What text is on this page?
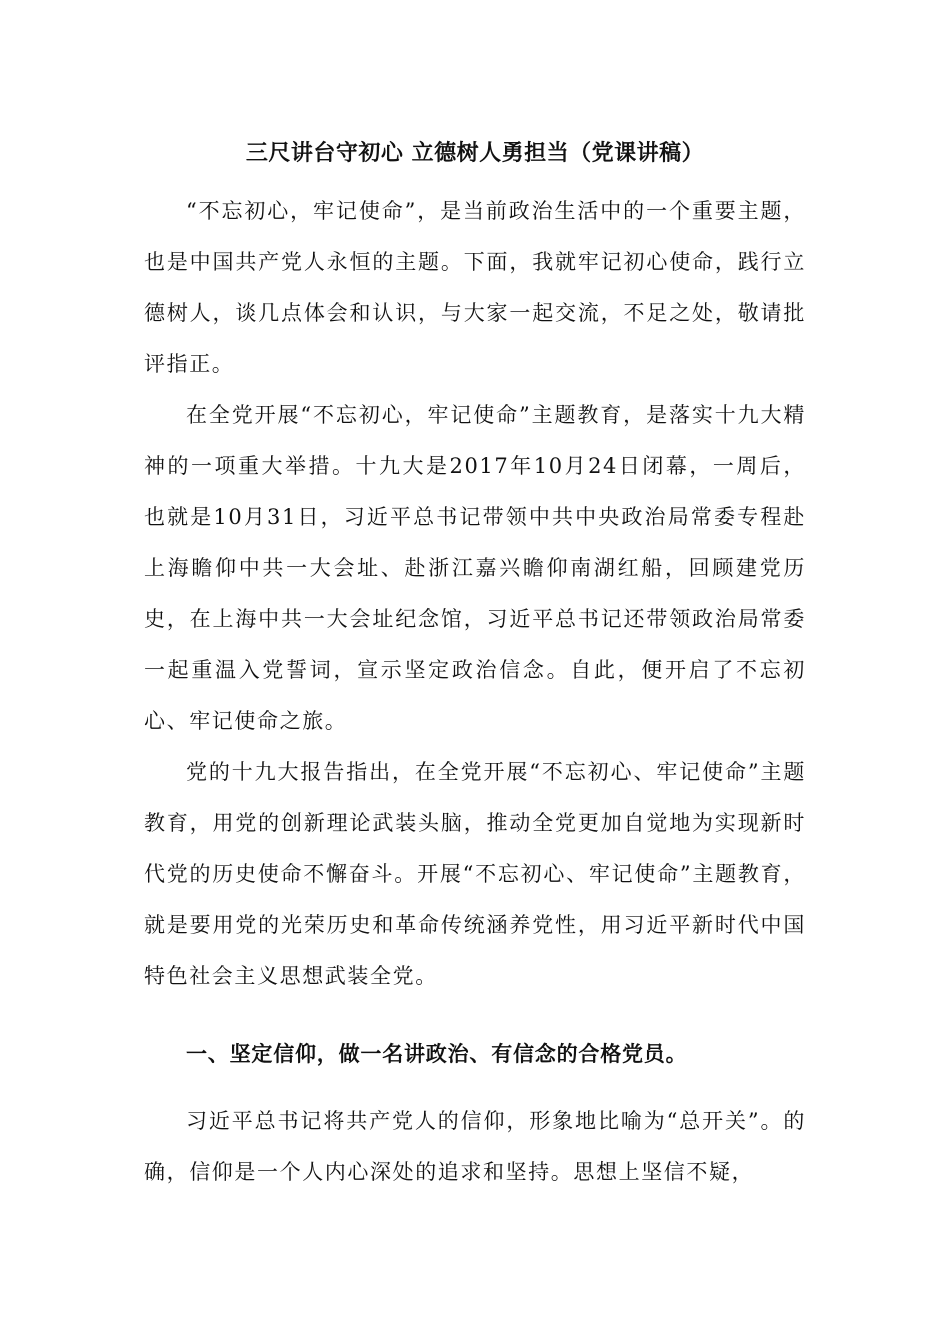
三尺讲台守初心 立德树人勇担当（党课讲稿）

“不忘初心，牢记使命”，是当前政治生活中的一个重要主题，也是中国共产党人永恒的主题。下面，我就牢记初心使命，践行立德树人，谈几点体会和认识，与大家一起交流，不足之处，敬请批评指正。

在全党开展“不忘初心，牢记使命”主题教育，是落实十九大精神的一项重大举措。十九大是2017年10月24日闭幕，一周后，也就是10月31日，习近平总书记带领中共中央政治局常委专程赴上海瞻仰中共一大会址、赴浙江嘉兴瞻仰南湖红船，回顾建党历史，在上海中共一大会址纪念馆，习近平总书记还带领政治局常委一起重温入党誓词，宣示坚定政治信念。自此，便开启了不忘初心、牢记使命之旅。

党的十九大报告指出，在全党开展“不忘初心、牢记使命”主题教育，用党的创新理论武装头脑，推动全党更加自觉地为实现新时代党的历史使命不懈奋斗。开展“不忘初心、牢记使命”主题教育，就是要用党的光荣历史和革命传统涵养党性，用习近平新时代中国特色社会主义思想武装全党。

一、坚定信仰，做一名讲政治、有信念的合格党员。

习近平总书记将共产党人的信仰，形象地比喻为“总开关”。的确，信仰是一个人内心深处的追求和坚持。思想上坚信不疑，
